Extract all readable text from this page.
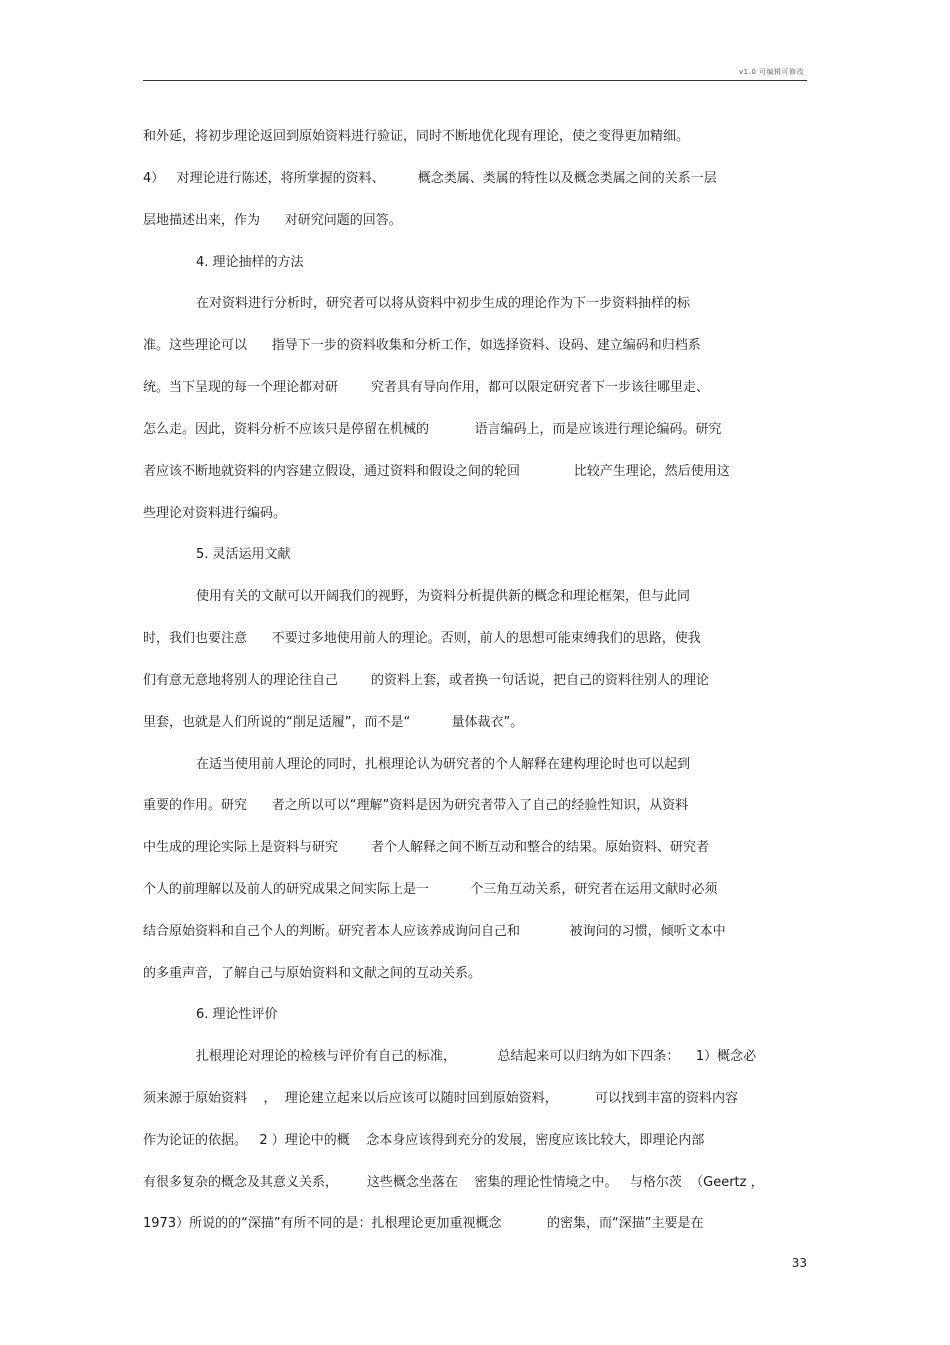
v1.0 可编辑可修改
和外延，将初步理论返回到原始资料进行验证，同时不断地优化现有理论，使之变得更加精细。
4）   对理论进行陈述，将所掌握的资料、        概念类属、类属的特性以及概念类属之间的关系一层
层地描述出来，作为      对研究问题的回答。
4. 理论抽样的方法
在对资料进行分析时，研究者可以将从资料中初步生成的理论作为下一步资料抽样的标
准。这些理论可以      指导下一步的资料收集和分析工作，如选择资料、设码、建立编码和归档系
统。当下呈现的每一个理论都对研        究者具有导向作用，都可以限定研究者下一步该往哪里走、
怎么走。因此，资料分析不应该只是停留在机械的           语言编码上，而是应该进行理论编码。研究
者应该不断地就资料的内容建立假设，通过资料和假设之间的轮回             比较产生理论，然后使用这
些理论对资料进行编码。
5. 灵活运用文献
使用有关的文献可以开阔我们的视野，为资料分析提供新的概念和理论框架，但与此同
时，我们也要注意      不要过多地使用前人的理论。否则，前人的思想可能束缚我们的思路，使我
们有意无意地将别人的理论往自己        的资料上套，或者换一句话说，把自己的资料往别人的理论
里套，也就是人们所说的“削足适履”，而不是“          量体裁衣”。
在适当使用前人理论的同时，扎根理论认为研究者的个人解释在建构理论时也可以起到
重要的作用。研究      者之所以可以“理解”资料是因为研究者带入了自己的经验性知识，从资料
中生成的理论实际上是资料与研究        者个人解释之间不断互动和整合的结果。原始资料、研究者
个人的前理解以及前人的研究成果之间实际上是一          个三角互动关系，研究者在运用文献时必须
结合原始资料和自己个人的判断。研究者本人应该养成询问自己和            被询问的习惯，倾听文本中
的多重声音，了解自己与原始资料和文献之间的互动关系。
6. 理论性评价
扎根理论对理论的检核与评价有自己的标准，          总结起来可以归纳为如下四条：    1）概念必
须来源于原始资料    ，  理论建立起来以后应该可以随时回到原始资料，         可以找到丰富的资料内容
作为论证的依据。   2 ）理论中的概    念本身应该得到充分的发展，密度应该比较大，即理论内部
有很多复杂的概念及其意义关系，       这些概念坐落在    密集的理论性情境之中。   与格尔茨  （Geertz ，
1973）所说的的“深描”有所不同的是：扎根理论更加重视概念           的密集，而“深描”主要是在
33
